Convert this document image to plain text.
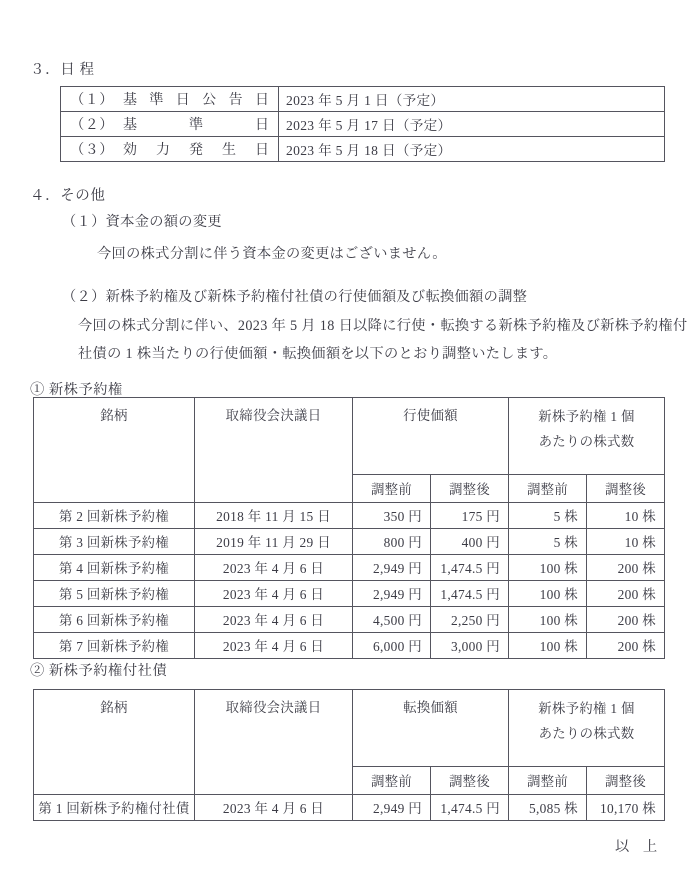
３．日 程
（１）	基準日公告日	2023 年 5 月 1 日（予定）
（２）	基準日	2023 年 5 月 17 日（予定）
（３）	効力発生日	2023 年 5 月 18 日（予定）
４．その他
（１）資本金の額の変更
今回の株式分割に伴う資本金の変更はございません。
（２）新株予約権及び新株予約権付社債の行使価額及び転換価額の調整
今回の株式分割に伴い、2023 年 5 月 18 日以降に行使・転換する新株予約権及び新株予約権付
社債の 1 株当たりの行使価額・転換価額を以下のとおり調整いたします。
① 新株予約権
銘柄	取締役会決議日	行使価額		新株予約権 1 個
あたりの株式数	

		調整前	調整後	調整前	調整後
第 2 回新株予約権	2018 年 11 月 15 日	350 円	175 円	5 株	10 株
第 3 回新株予約権	2019 年 11 月 29 日	800 円	400 円	5 株	10 株
第 4 回新株予約権	2023 年 4 月 6 日	2,949 円	1,474.5 円	100 株	200 株
第 5 回新株予約権	2023 年 4 月 6 日	2,949 円	1,474.5 円	100 株	200 株
第 6 回新株予約権	2023 年 4 月 6 日	4,500 円	2,250 円	100 株	200 株
第 7 回新株予約権	2023 年 4 月 6 日	6,000 円	3,000 円	100 株	200 株
② 新株予約権付社債
銘柄	取締役会決議日	転換価額		新株予約権 1 個
あたりの株式数	

		調整前	調整後	調整前	調整後
第 1 回新株予約権付社債	2023 年 4 月 6 日	2,949 円	1,474.5 円	5,085 株	10,170 株
以 上
